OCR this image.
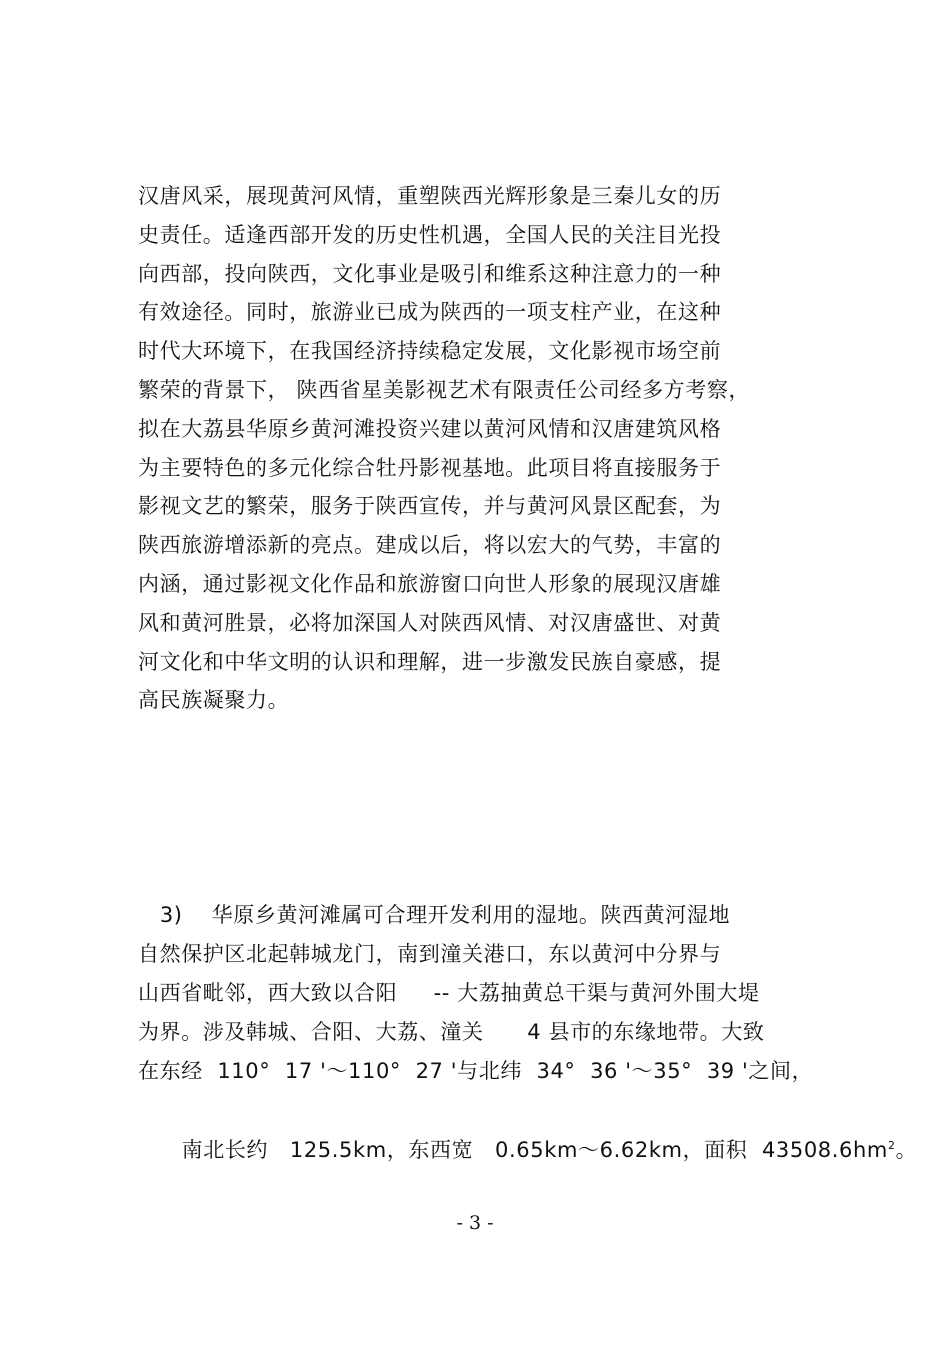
汉唐风采，展现黄河风情，重塑陕西光辉形象是三秦儿女的历
史责任。适逢西部开发的历史性机遇，全国人民的关注目光投
向西部，投向陕西，文化事业是吸引和维系这种注意力的一种
有效途径。同时，旅游业已成为陕西的一项支柱产业，在这种
时代大环境下，在我国经济持续稳定发展，文化影视市场空前
繁荣的背景下， 陕西省星美影视艺术有限责任公司经多方考察，
拟在大荔县华原乡黄河滩投资兴建以黄河风情和汉唐建筑风格
为主要特色的多元化综合牡丹影视基地。此项目将直接服务于
影视文艺的繁荣，服务于陕西宣传，并与黄河风景区配套，为
陕西旅游增添新的亮点。建成以后，将以宏大的气势，丰富的
内涵，通过影视文化作品和旅游窗口向世人形象的展现汉唐雄
风和黄河胜景，必将加深国人对陕西风情、对汉唐盛世、对黄
河文化和中华文明的认识和理解，进一步激发民族自豪感，提
高民族凝聚力。
3)    华原乡黄河滩属可合理开发利用的湿地。陕西黄河湿地
自然保护区北起韩城龙门，南到潼关港口，东以黄河中分界与
山西省毗邻，西大致以合阳     -- 大荔抽黄总干渠与黄河外围大堤
为界。涉及韩城、合阳、大荔、潼关      4 县市的东缘地带。大致
在东经  110°  17 '～110°  27 '与北纬  34°  36 '～35°  39 '之间，

南北长约   125.5km，东西宽   0.65km～6.62km，面积  $43508.6hm^2$。

- 3 -
